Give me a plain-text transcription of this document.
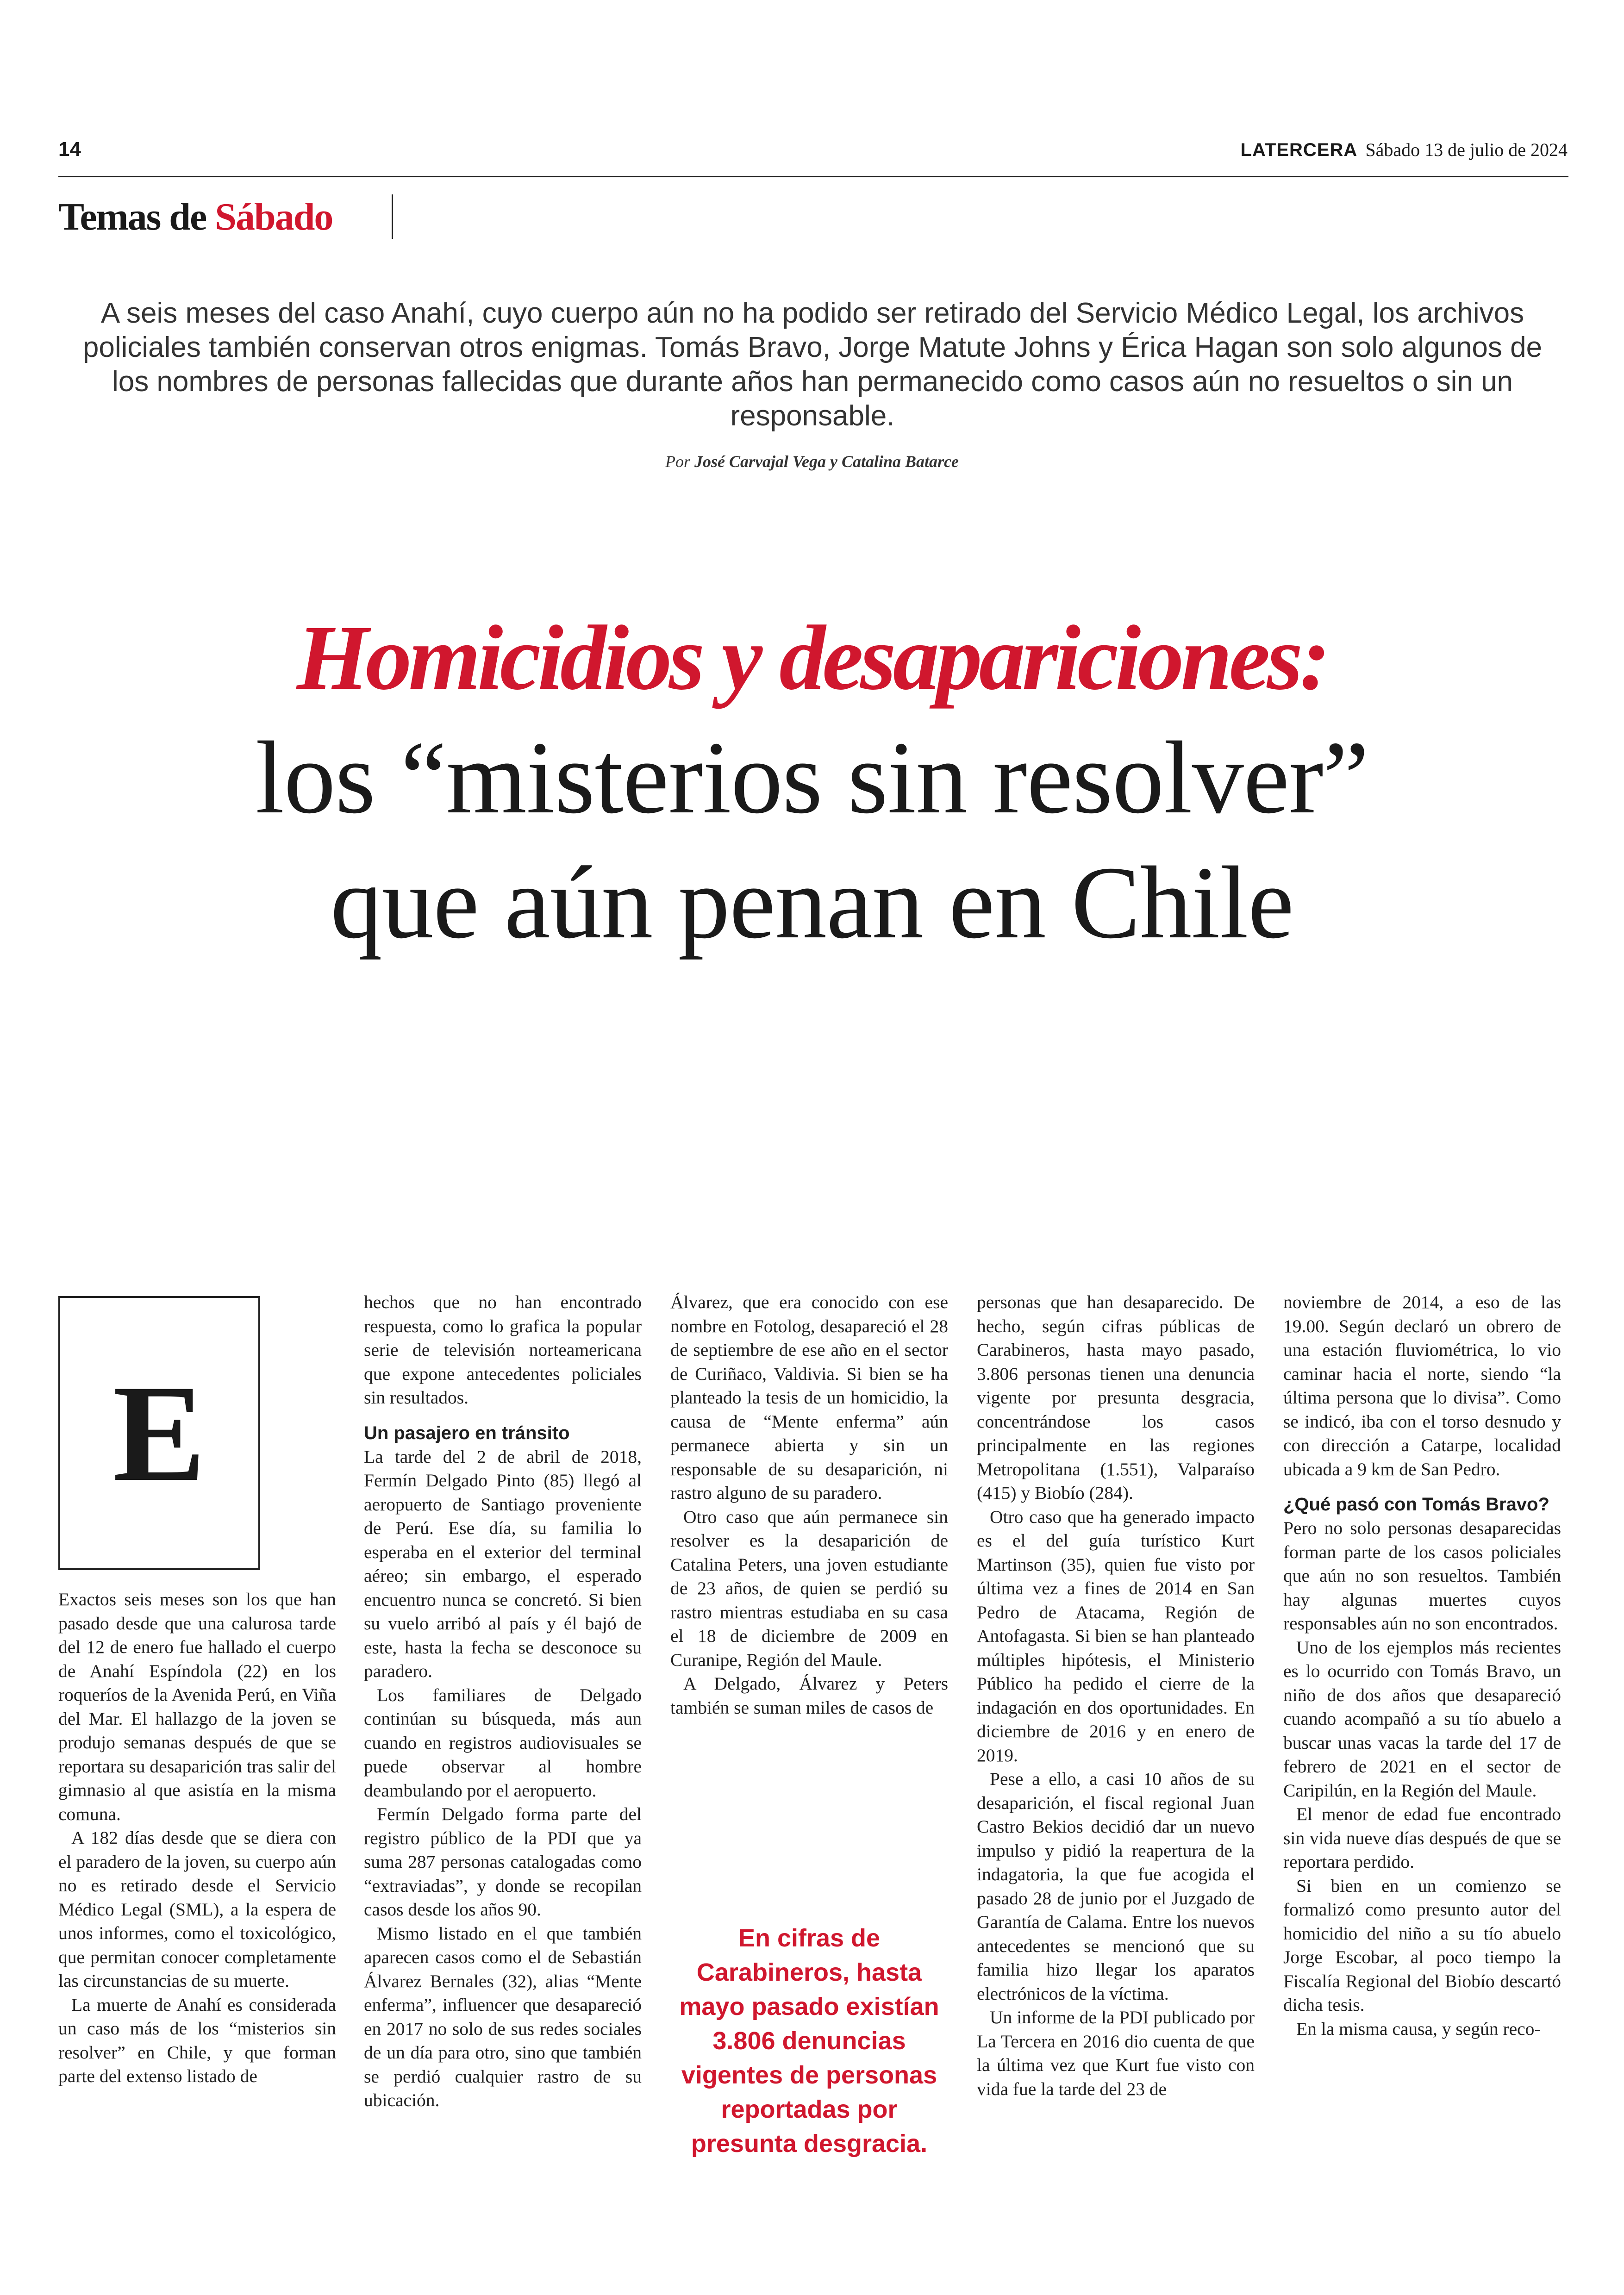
14	LATERCERA Sábado 13 de julio de 2024
Temas de Sábado
A seis meses del caso Anahí, cuyo cuerpo aún no ha podido ser retirado del Servicio Médico Legal, los archivos policiales también conservan otros enigmas. Tomás Bravo, Jorge Matute Johns y Érica Hagan son solo algunos de los nombres de personas fallecidas que durante años han permanecido como casos aún no resueltos o sin un responsable.
Por José Carvajal Vega y Catalina Batarce
Homicidios y desapariciones:
los “misterios sin resolver”
que aún penan en Chile
E

Exactos seis meses son los que han pasado desde que una calurosa tarde del 12 de enero fue hallado el cuerpo de Anahí Espíndola (22) en los roqueríos de la Avenida Perú, en Viña del Mar. El hallazgo de la joven se produjo semanas después de que se reportara su desaparición tras salir del gimnasio al que asistía en la misma comuna.

A 182 días desde que se diera con el paradero de la joven, su cuerpo aún no es retirado desde el Servicio Médico Legal (SML), a la espera de unos informes, como el toxicológico, que permitan conocer completamente las circunstancias de su muerte.

La muerte de Anahí es considerada un caso más de los “misterios sin resolver” en Chile, y que forman parte del extenso listado de

hechos que no han encontrado respuesta, como lo grafica la popular serie de televisión norteamericana que expone antecedentes policiales sin resultados.

Un pasajero en tránsito

La tarde del 2 de abril de 2018, Fermín Delgado Pinto (85) llegó al aeropuerto de Santiago proveniente de Perú. Ese día, su familia lo esperaba en el exterior del terminal aéreo; sin embargo, el esperado encuentro nunca se concretó. Si bien su vuelo arribó al país y él bajó de este, hasta la fecha se desconoce su paradero.

Los familiares de Delgado continúan su búsqueda, más aun cuando en registros audiovisuales se puede observar al hombre deambulando por el aeropuerto.

Fermín Delgado forma parte del registro público de la PDI que ya suma 287 personas catalogadas como “extraviadas”, y donde se recopilan casos desde los años 90.

Mismo listado en el que también aparecen casos como el de Sebastián Álvarez Bernales (32), alias “Mente enferma”, influencer que desapareció en 2017 no solo de sus redes sociales de un día para otro, sino que también se perdió cualquier rastro de su ubicación.

Álvarez, que era conocido con ese nombre en Fotolog, desapareció el 28 de septiembre de ese año en el sector de Curiñaco, Valdivia. Si bien se ha planteado la tesis de un homicidio, la causa de “Mente enferma” aún permanece abierta y sin un responsable de su desaparición, ni rastro alguno de su paradero.

Otro caso que aún permanece sin resolver es la desaparición de Catalina Peters, una joven estudiante de 23 años, de quien se perdió su rastro mientras estudiaba en su casa el 18 de diciembre de 2009 en Curanipe, Región del Maule.

A Delgado, Álvarez y Peters también se suman miles de casos de

En cifras de Carabineros, hasta mayo pasado existían 3.806 denuncias vigentes de personas reportadas por presunta desgracia.

personas que han desaparecido. De hecho, según cifras públicas de Carabineros, hasta mayo pasado, 3.806 personas tienen una denuncia vigente por presunta desgracia, concentrándose los casos principalmente en las regiones Metropolitana (1.551), Valparaíso (415) y Biobío (284).

Otro caso que ha generado impacto es el del guía turístico Kurt Martinson (35), quien fue visto por última vez a fines de 2014 en San Pedro de Atacama, Región de Antofagasta. Si bien se han planteado múltiples hipótesis, el Ministerio Público ha pedido el cierre de la indagación en dos oportunidades. En diciembre de 2016 y en enero de 2019.

Pese a ello, a casi 10 años de su desaparición, el fiscal regional Juan Castro Bekios decidió dar un nuevo impulso y pidió la reapertura de la indagatoria, la que fue acogida el pasado 28 de junio por el Juzgado de Garantía de Calama. Entre los nuevos antecedentes se mencionó que su familia hizo llegar los aparatos electrónicos de la víctima.

Un informe de la PDI publicado por La Tercera en 2016 dio cuenta de que la última vez que Kurt fue visto con vida fue la tarde del 23 de

noviembre de 2014, a eso de las 19.00. Según declaró un obrero de una estación fluviométrica, lo vio caminar hacia el norte, siendo “la última persona que lo divisa”. Como se indicó, iba con el torso desnudo y con dirección a Catarpe, localidad ubicada a 9 km de San Pedro.

¿Qué pasó con Tomás Bravo?

Pero no solo personas desaparecidas forman parte de los casos policiales que aún no son resueltos. También hay algunas muertes cuyos responsables aún no son encontrados.

Uno de los ejemplos más recientes es lo ocurrido con Tomás Bravo, un niño de dos años que desapareció cuando acompañó a su tío abuelo a buscar unas vacas la tarde del 17 de febrero de 2021 en el sector de Caripilún, en la Región del Maule.

El menor de edad fue encontrado sin vida nueve días después de que se reportara perdido.

Si bien en un comienzo se formalizó como presunto autor del homicidio del niño a su tío abuelo Jorge Escobar, al poco tiempo la Fiscalía Regional del Biobío descartó dicha tesis.

En la misma causa, y según reco-
